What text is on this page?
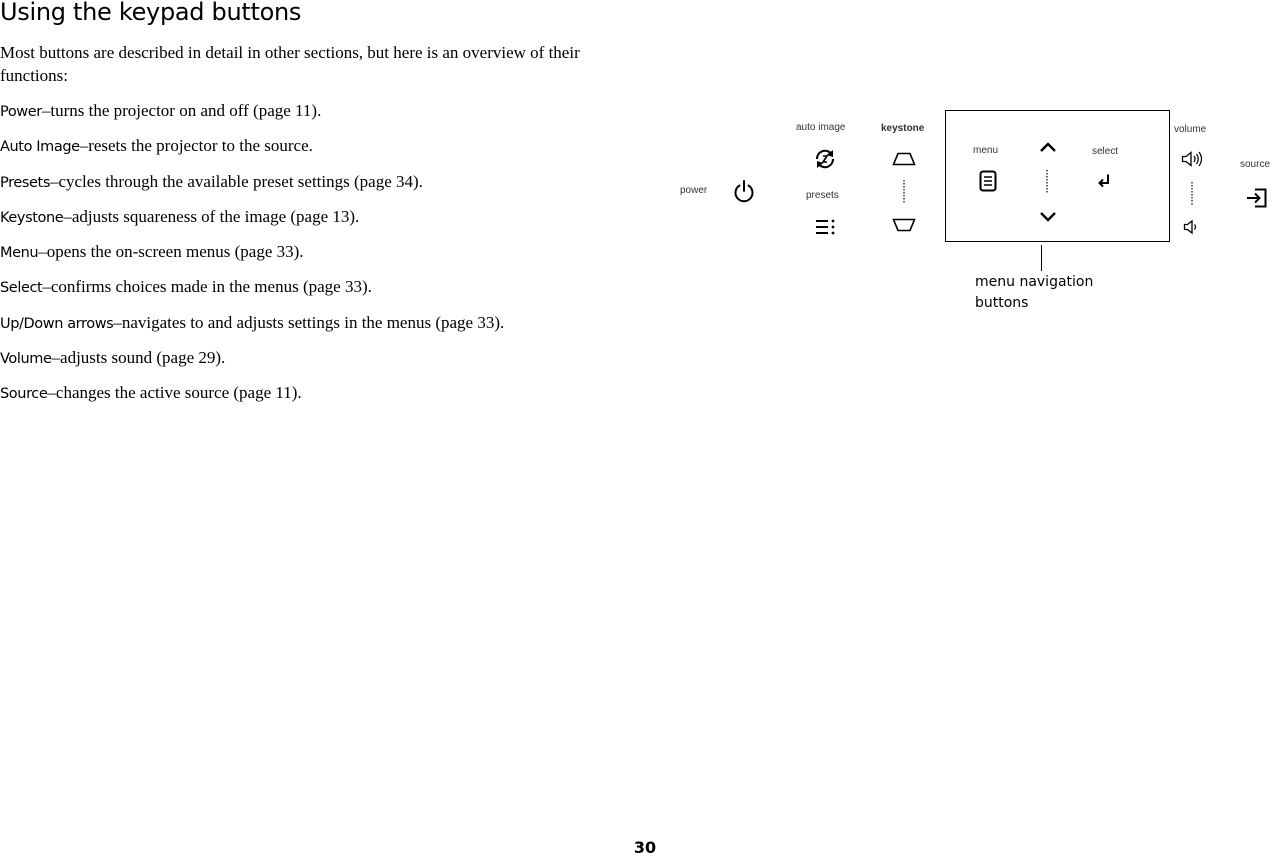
Using the keypad buttons

Most buttons are described in detail in other sections, but here is an overview of their functions:

Power–turns the projector on and off (page 11).
Auto Image–resets the projector to the source.
Presets–cycles through the available preset settings (page 34).
Keystone–adjusts squareness of the image (page 13).
Menu–opens the on-screen menus (page 33).
Select–confirms choices made in the menus (page 33).
Up/Down arrows–navigates to and adjusts settings in the menus (page 33).
Volume–adjusts sound (page 29).
Source–changes the active source (page 11).
power
auto image
presets
keystone
menu	select
menu navigation buttons
volume
source
30
